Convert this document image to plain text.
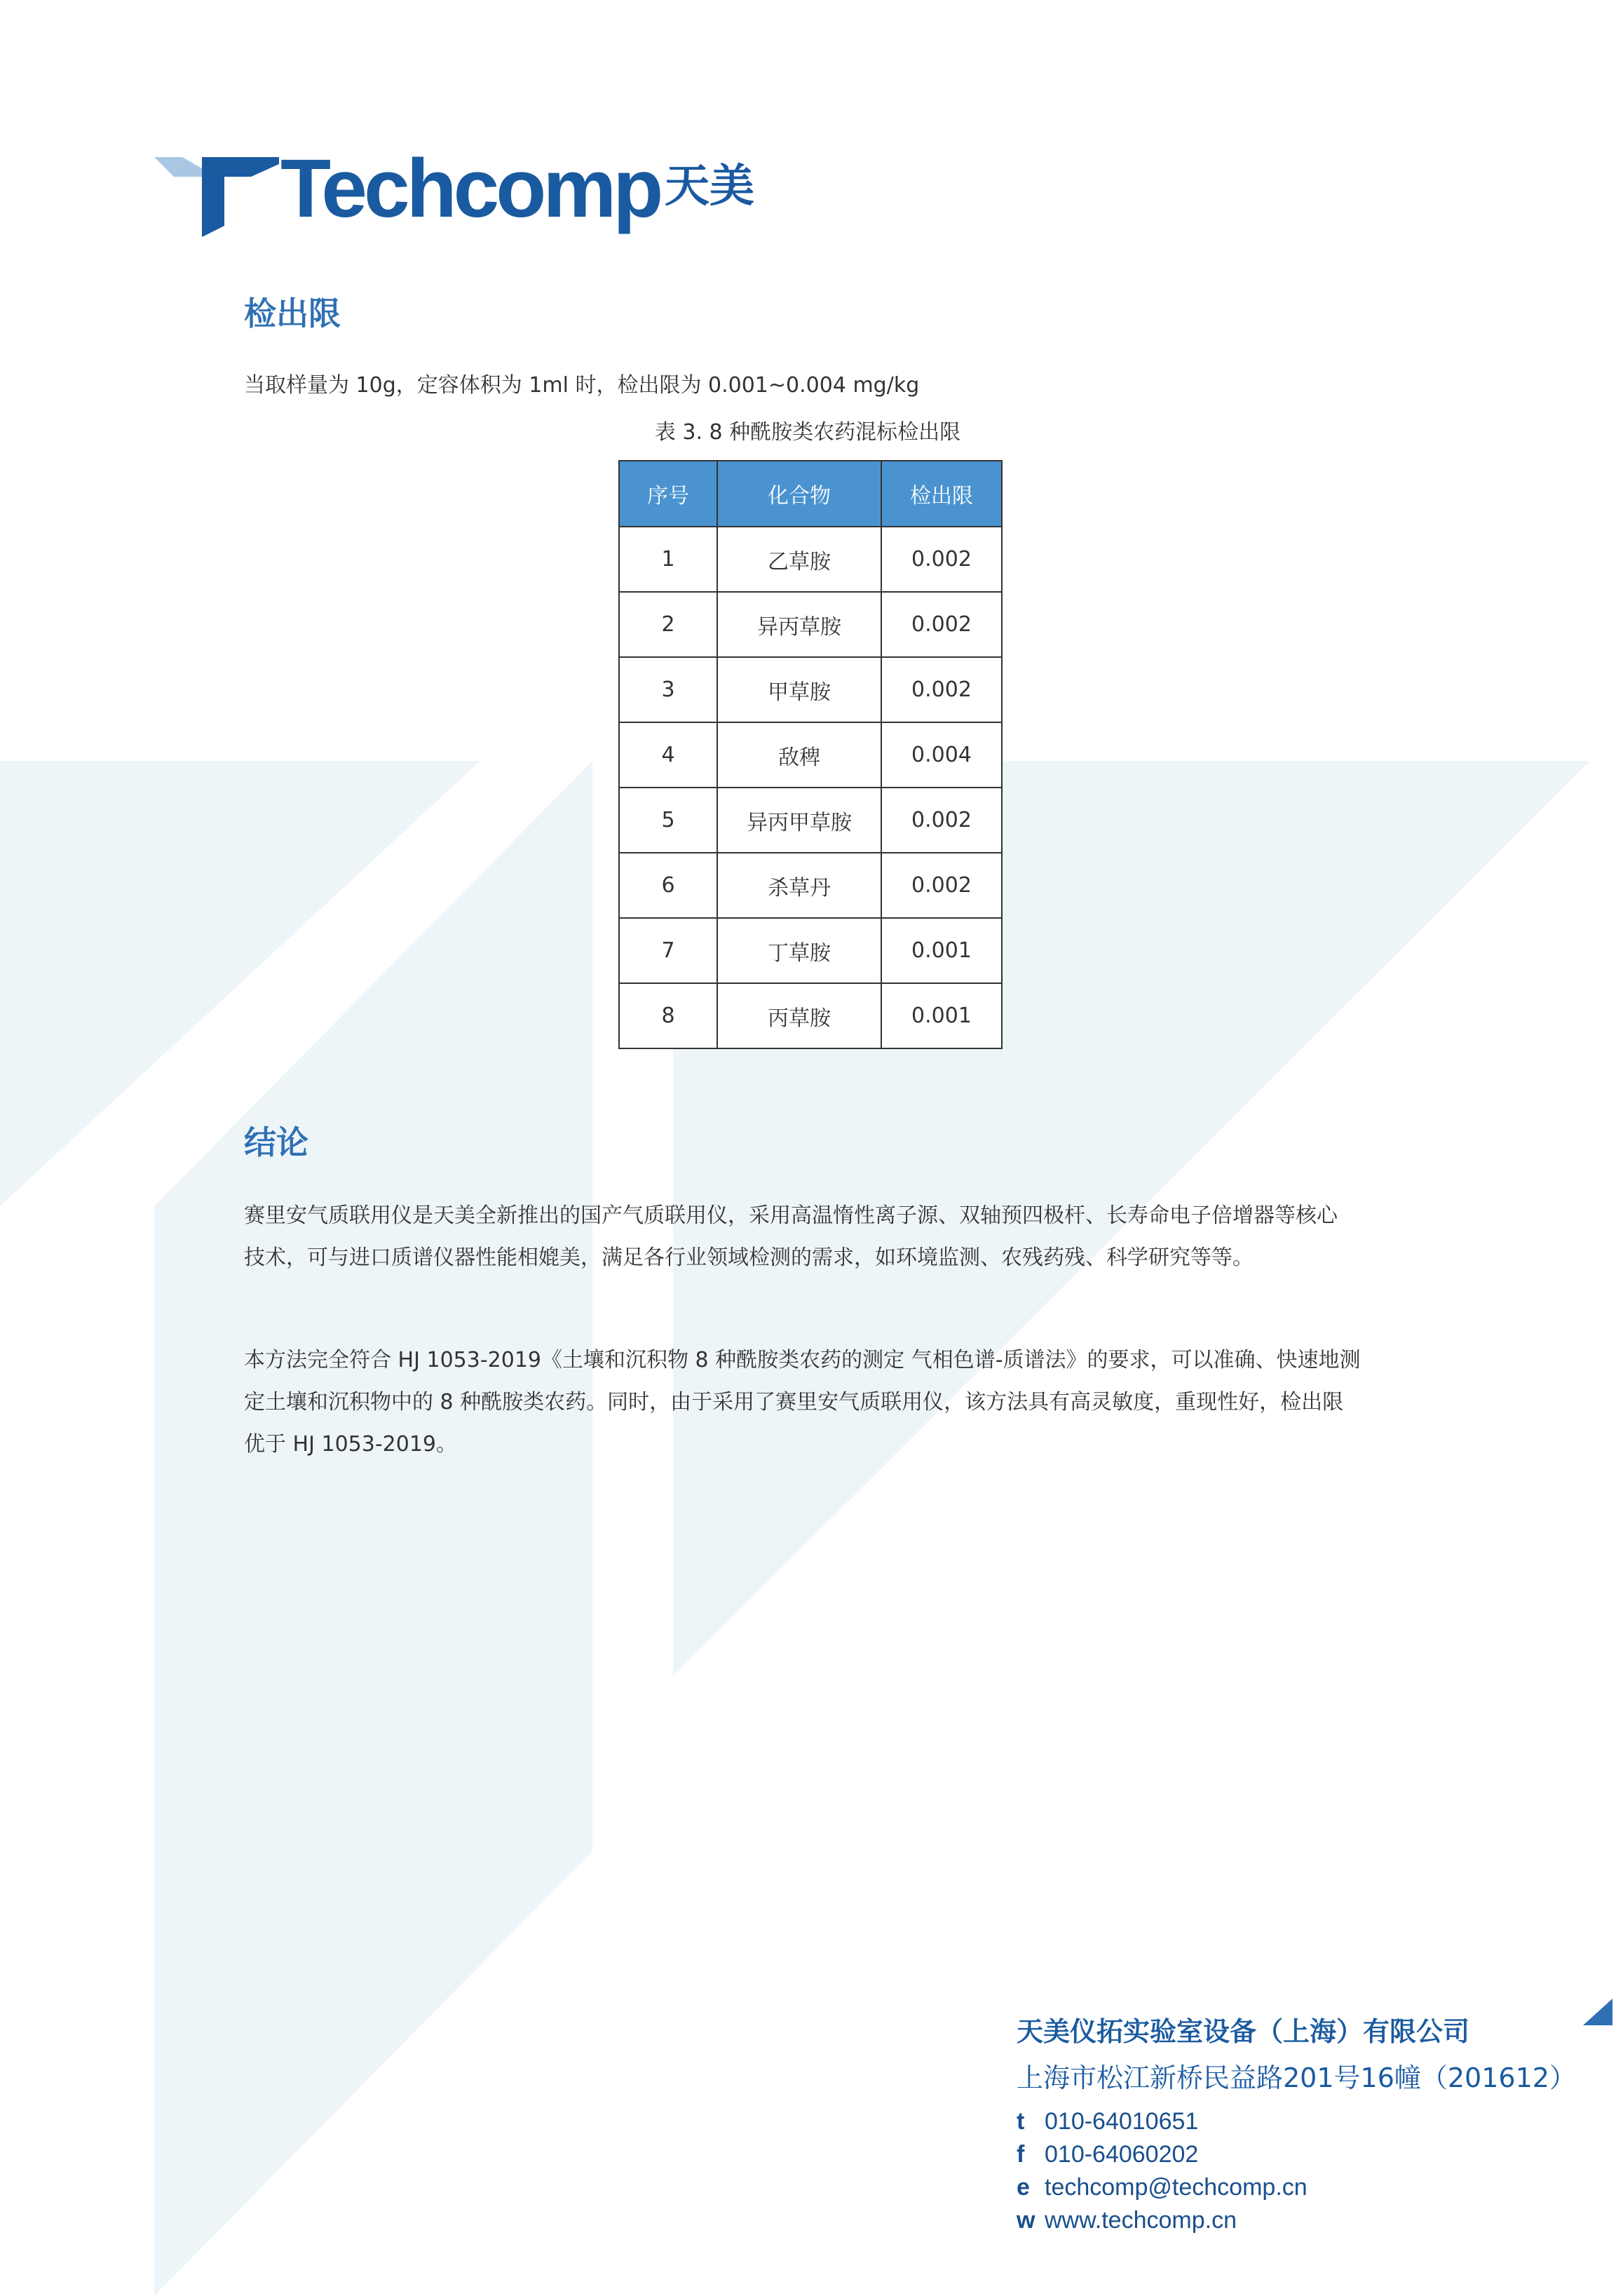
Techcomp 天美
检出限
当取样量为 10g，定容体积为 1ml 时，检出限为 0.001~0.004 mg/kg
表 3. 8 种酰胺类农药混标检出限
序号	化合物	检出限
1	乙草胺	0.002
2	异丙草胺	0.002
3	甲草胺	0.002
4	敌稗	0.004
5	异丙甲草胺	0.002
6	杀草丹	0.002
7	丁草胺	0.001
8	丙草胺	0.001
结论
赛里安气质联用仪是天美全新推出的国产气质联用仪，采用高温惰性离子源、双轴预四极杆、长寿命电子倍增器等核心
技术，可与进口质谱仪器性能相媲美，满足各行业领域检测的需求，如环境监测、农残药残、科学研究等等。
本方法完全符合 HJ 1053-2019《土壤和沉积物 8 种酰胺类农药的测定 气相色谱-质谱法》的要求，可以准确、快速地测
定土壤和沉积物中的 8 种酰胺类农药。同时，由于采用了赛里安气质联用仪，该方法具有高灵敏度，重现性好，检出限
优于 HJ 1053-2019。
天美仪拓实验室设备（上海）有限公司
上海市松江新桥民益路201号16幢（201612）
t 010-64010651
f 010-64060202
e techcomp@techcomp.cn
w www.techcomp.cn
